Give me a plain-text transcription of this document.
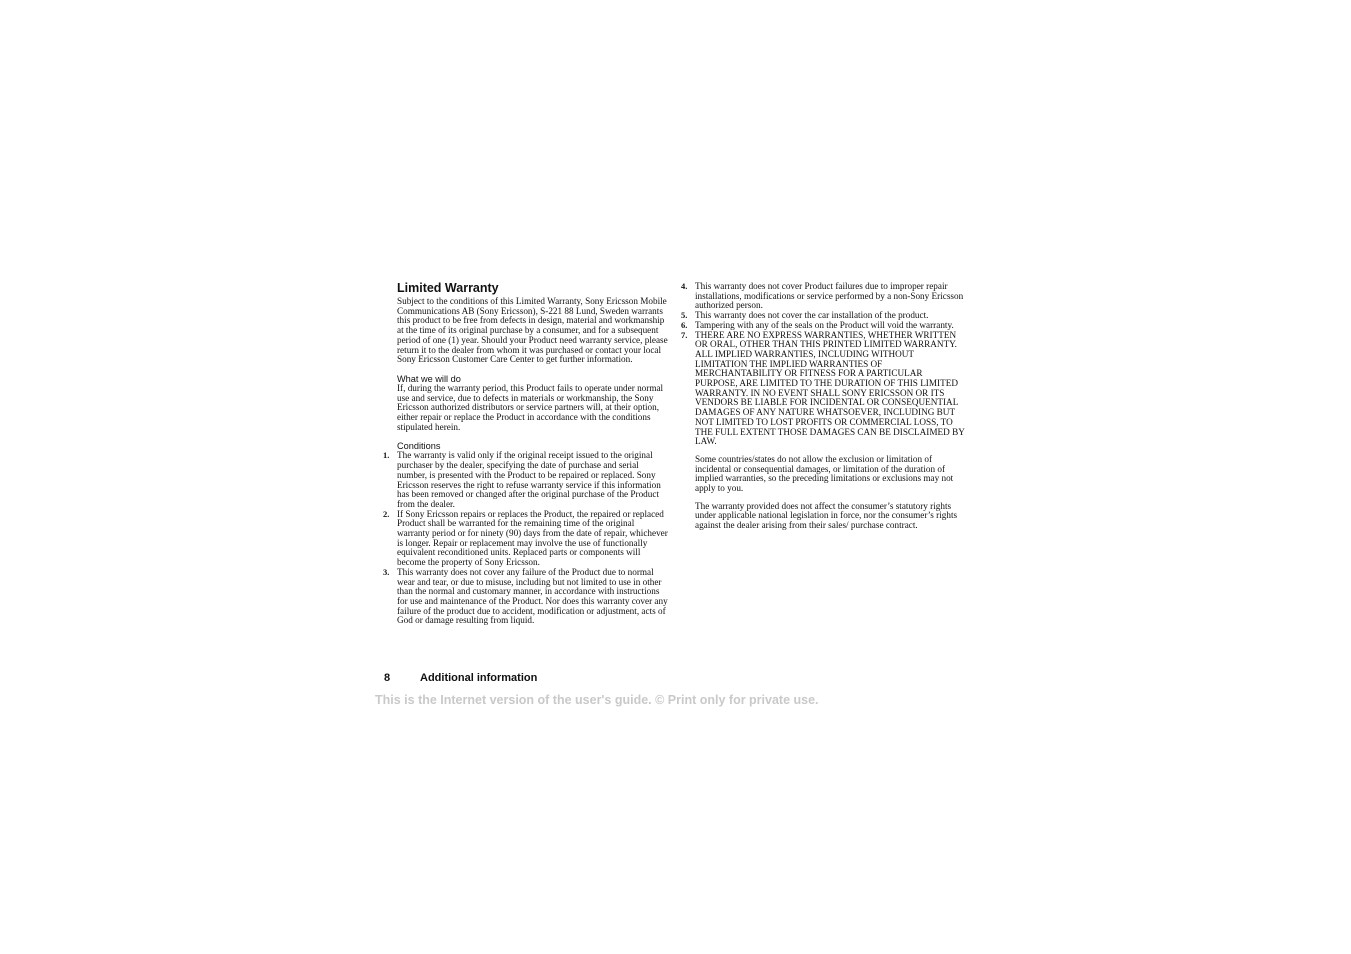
Limited Warranty

Subject to the conditions of this Limited Warranty, Sony Ericsson Mobile Communications AB (Sony Ericsson), S-221 88 Lund, Sweden warrants this product to be free from defects in design, material and workmanship at the time of its original purchase by a consumer, and for a subsequent period of one (1) year. Should your Product need warranty service, please return it to the dealer from whom it was purchased or contact your local Sony Ericsson Customer Care Center to get further information.

What we will do

If, during the warranty period, this Product fails to operate under normal use and service, due to defects in materials or workmanship, the Sony Ericsson authorized distributors or service partners will, at their option, either repair or replace the Product in accordance with the conditions stipulated herein.

Conditions

1. The warranty is valid only if the original receipt issued to the original purchaser by the dealer, specifying the date of purchase and serial number, is presented with the Product to be repaired or replaced. Sony Ericsson reserves the right to refuse warranty service if this information has been removed or changed after the original purchase of the Product from the dealer.
2. If Sony Ericsson repairs or replaces the Product, the repaired or replaced Product shall be warranted for the remaining time of the original warranty period or for ninety (90) days from the date of repair, whichever is longer. Repair or replacement may involve the use of functionally equivalent reconditioned units. Replaced parts or components will become the property of Sony Ericsson.
3. This warranty does not cover any failure of the Product due to normal wear and tear, or due to misuse, including but not limited to use in other than the normal and customary manner, in accordance with instructions for use and maintenance of the Product. Nor does this warranty cover any failure of the product due to accident, modification or adjustment, acts of God or damage resulting from liquid.
4. This warranty does not cover Product failures due to improper repair installations, modifications or service performed by a non-Sony Ericsson authorized person.
5. This warranty does not cover the car installation of the product.
6. Tampering with any of the seals on the Product will void the warranty.
7. THERE ARE NO EXPRESS WARRANTIES, WHETHER WRITTEN OR ORAL, OTHER THAN THIS PRINTED LIMITED WARRANTY. ALL IMPLIED WARRANTIES, INCLUDING WITHOUT LIMITATION THE IMPLIED WARRANTIES OF MERCHANTABILITY OR FITNESS FOR A PARTICULAR PURPOSE, ARE LIMITED TO THE DURATION OF THIS LIMITED WARRANTY. IN NO EVENT SHALL SONY ERICSSON OR ITS VENDORS BE LIABLE FOR INCIDENTAL OR CONSEQUENTIAL DAMAGES OF ANY NATURE WHATSOEVER, INCLUDING BUT NOT LIMITED TO LOST PROFITS OR COMMERCIAL LOSS, TO THE FULL EXTENT THOSE DAMAGES CAN BE DISCLAIMED BY LAW.

Some countries/states do not allow the exclusion or limitation of incidental or consequential damages, or limitation of the duration of implied warranties, so the preceding limitations or exclusions may not apply to you.

The warranty provided does not affect the consumer’s statutory rights under applicable national legislation in force, nor the consumer’s rights against the dealer arising from their sales/ purchase contract.

8	Additional information
This is the Internet version of the user's guide. © Print only for private use.
